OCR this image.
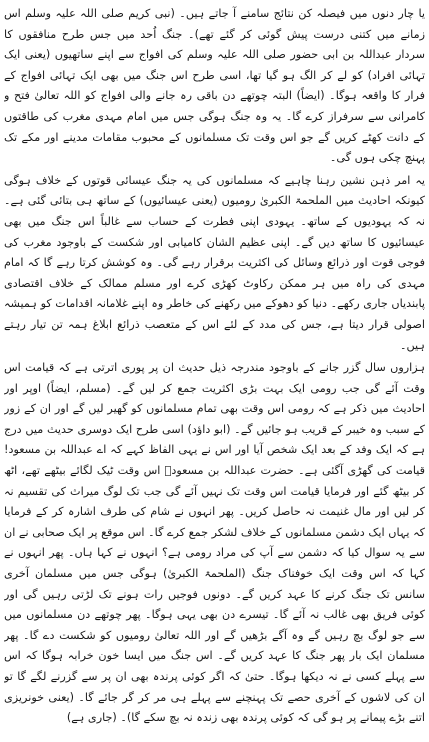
یا چار دنوں میں فیصلہ کن نتائج سامنے آ جاتے ہیں۔ (نبی کریم صلی اللہ علیہ وسلم اس زمانے میں کتنی درست پیش گوئی کر گئے تھے)۔ جنگ اُحد میں جس طرح منافقوں کا سردار عبداللہ بن ابی حضور صلی اللہ علیہ وسلم کی افواج سے اپنے ساتھیوں (یعنی ایک تہائی افراد) کو لے کر الگ ہو گیا تھا، اسی طرح اس جنگ میں بھی ایک تہائی افواج کے فرار کا واقعہ ہوگا۔ (ایضاً) البتہ چوتھے دن باقی رہ جانے والی افواج کو اللہ تعالیٰ فتح و کامرانی سے سرفراز کرے گا۔ یہ وہ جنگ ہوگی جس میں امام مہدی مغرب کی طاقتوں کے دانت کھٹے کریں گے جو اس وقت تک مسلمانوں کے محبوب مقامات مدینے اور مکے تک پہنچ چکی ہوں گی۔

یہ امر ذہن نشین رہنا چاہیے کہ مسلمانوں کی یہ جنگ عیسائی قوتوں کے خلاف ہوگی کیونکہ احادیث میں الملحمۃ الکبریٰ رومیوں (یعنی عیسائیوں) کے ساتھ ہی بتائی گئی ہے۔ نہ کہ یہودیوں کے ساتھ۔ یہودی اپنی فطرت کے حساب سے غالباً اس جنگ میں بھی عیسائیوں کا ساتھ دیں گے۔ اپنی عظیم الشان کامیابی اور شکست کے باوجود مغرب کی فوجی قوت اور ذرائع وسائل کی اکثریت برقرار رہے گی۔ وہ کوشش کرتا رہے گا کہ امام مہدی کی راہ میں ہر ممکن رکاوٹ کھڑی کرے اور مسلم ممالک کے خلاف اقتصادی پابندیاں جاری رکھے۔ دنیا کو دھوکے میں رکھنے کی خاطر وہ اپنے غلامانہ اقدامات کو ہمیشہ اصولی قرار دیتا ہے، جس کی مدد کے لئے اس کے متعصب ذرائع ابلاغ ہمہ تن تیار رہتے ہیں۔

ہزاروں سال گزر جانے کے باوجود مندرجہ ذیل حدیث ان پر پوری اترتی ہے کہ قیامت اس وقت آئے گی جب رومی ایک بہت بڑی اکثریت جمع کر لیں گے۔ (مسلم، ایضاً) اوپر اور احادیث میں ذکر ہے کہ رومی اس وقت بھی تمام مسلمانوں کو گھیر لیں گے اور ان کے زور کے سبب وہ خیبر کے قریب ہو جائیں گے۔ (ابو داؤد) اسی طرح ایک دوسری حدیث میں درج ہے کہ ایک وفد کے بعد ایک شخص آیا اور اس نے یہی الفاظ کہے کہ اے عبداللہ بن مسعود! قیامت کی گھڑی آگئی ہے۔ حضرت عبداللہ بن مسعودؓ اس وقت ٹیک لگائے بیٹھے تھے، اٹھ کر بیٹھ گئے اور فرمایا قیامت اس وقت تک نہیں آئے گی جب تک لوگ میراث کی تقسیم نہ کر لیں اور مال غنیمت نہ حاصل کریں۔ پھر انہوں نے شام کی طرف اشارہ کر کے فرمایا کہ یہاں ایک دشمن مسلمانوں کے خلاف لشکر جمع کرے گا۔ اس موقع پر ایک صحابی نے ان سے یہ سوال کیا کہ دشمن سے آپ کی مراد رومی ہے؟ انہوں نے کہا ہاں۔ پھر انہوں نے کہا کہ اس وقت ایک خوفناک جنگ (الملحمۃ الکبریٰ) ہوگی جس میں مسلمان آخری سانس تک جنگ کرنے کا عہد کریں گے۔ دونوں فوجیں رات ہونے تک لڑتی رہیں گی اور کوئی فریق بھی غالب نہ آئے گا۔ تیسرے دن بھی یہی ہوگا۔ پھر چوتھے دن مسلمانوں میں سے جو لوگ بچ رہیں گے وہ آگے بڑھیں گے اور اللہ تعالیٰ رومیوں کو شکست دے گا۔ پھر مسلمان ایک بار پھر جنگ کا عہد کریں گے۔ اس جنگ میں ایسا خون خرابہ ہوگا کہ اس سے پہلے کسی نے نہ دیکھا ہوگا۔ حتیٰ کہ اگر کوئی پرندہ بھی ان پر سے گزرنے لگے گا تو ان کی لاشوں کے آخری حصے تک پہنچنے سے پہلے ہی مر کر گر جائے گا۔ (یعنی خونریزی اتنے بڑے پیمانے پر ہو گی کہ کوئی پرندہ بھی زندہ نہ بچ سکے گا)۔ (جاری ہے)
